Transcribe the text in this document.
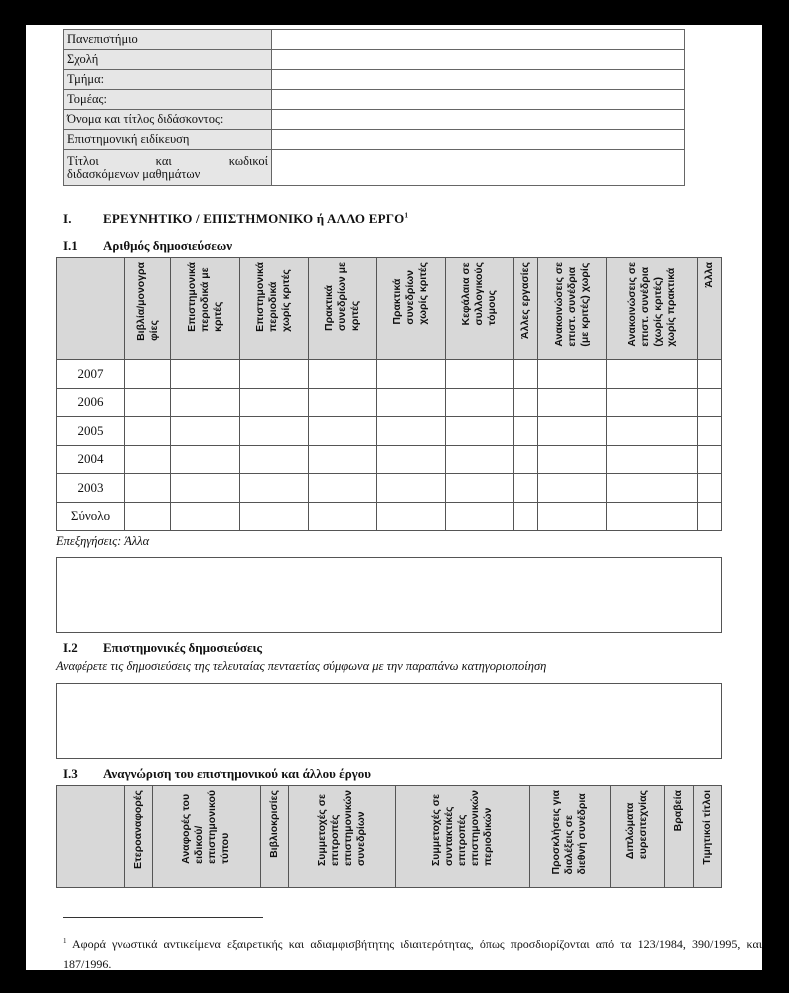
Πανεπιστήμιο	
Σχολή	
Τμήμα:	
Τομέας:	
Όνομα και τίτλος διδάσκοντος:	
Επιστημονική ειδίκευση	

Τίτλοι και κωδικοί
διδασκόμενων μαθημάτων	

I. ΕΡΕΥΝΗΤΙΚΟ / ΕΠΙΣΤΗΜΟΝΙΚΟ ή ΑΛΛΟ ΕΡΓΟ$^1$
I.1 Αριθμός δημοσιεύσεων

	Βιβλία/μονογρα
φίες	Επιστημονικά
περιοδικά με
κριτές	Επιστημονικά
περιοδικά
χωρίς κριτές	Πρακτικά
συνεδρίων με
κριτές	Πρακτικά
συνεδρίων
χωρίς κριτές	Κεφάλαια σε
συλλογικούς
τόμους	Άλλες εργασίες	Ανακοινώσεις σε
επιστ. συνέδρια
(με κριτές) χωρίς	Ανακοινώσεις σε
επιστ. συνέδρια
(χωρίς κριτές)
χωρίς πρακτικά	Άλλα

2007										
2006										
2005										
2004										
2003										
Σύνολο										
Επεξηγήσεις: Άλλα
I.2 Επιστημονικές δημοσιεύσεις
Αναφέρετε τις δημοσιεύσεις της τελευταίας πενταετίας σύμφωνα με την παραπάνω κατηγοριοποίηση
I.3 Αναγνώριση του επιστημονικού και άλλου έργου

Ετεροαναφορές	Αναφορές του
ειδικού/
επιστημονικού
τύπου	Βιβλιοκρισίες	Συμμετοχές σε
επιτροπές
επιστημονικών
συνεδρίων	Συμμετοχές σε
συντακτικές
επιτροπές
επιστημονικών
περιοδικών	Προσκλήσεις για
διαλέξεις σε
διεθνή συνέδρια	Διπλώματα
ευρεσιτεχνίας	Βραβεία	Τιμητικοί τίτλοι
$^1$ Αφορά γνωστικά αντικείμενα εξαιρετικής και αδιαμφισβήτητης ιδιαιτερότητας, όπως προσδιορίζονται από τα 123/1984, 390/1995, και 187/1996.
